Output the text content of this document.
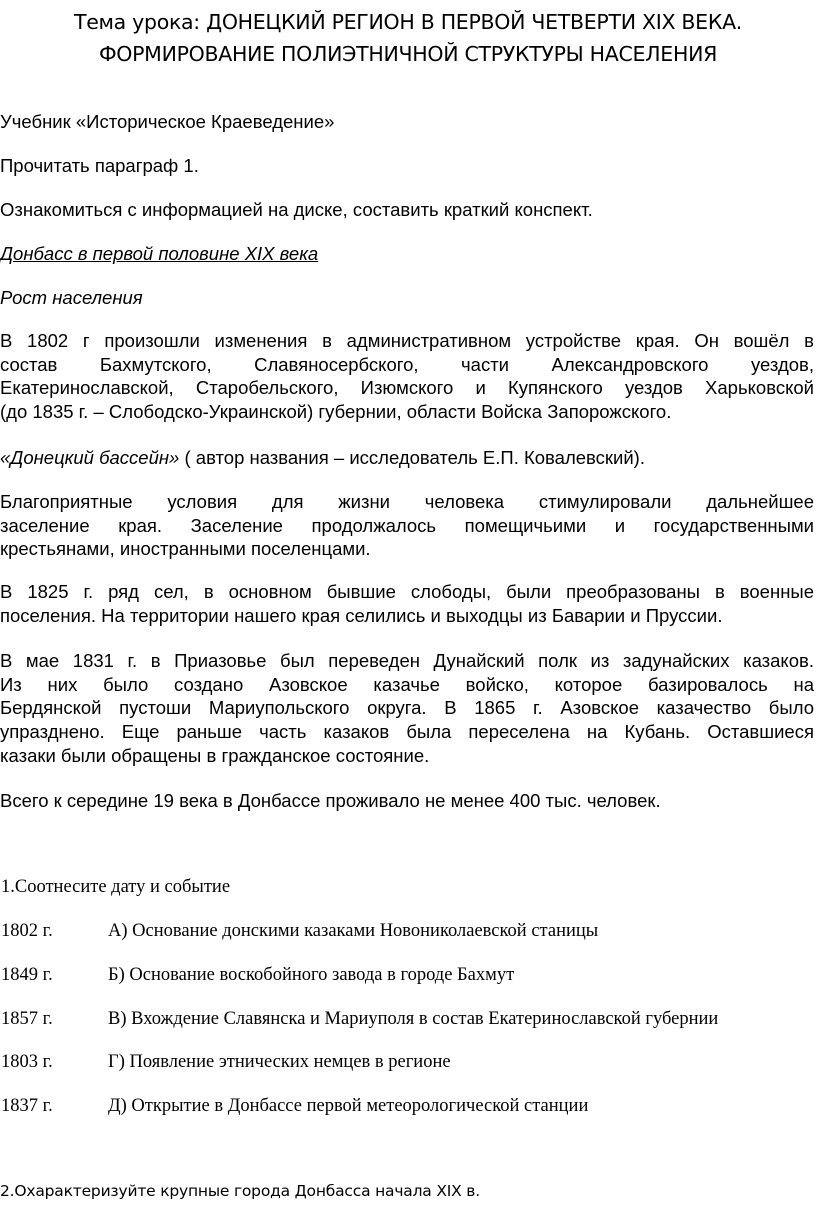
Тема урока: ДОНЕЦКИЙ РЕГИОН В ПЕРВОЙ ЧЕТВЕРТИ XIX ВЕКА.
ФОРМИРОВАНИЕ ПОЛИЭТНИЧНОЙ СТРУКТУРЫ НАСЕЛЕНИЯ
Учебник «Историческое Краеведение»
Прочитать параграф 1.
Ознакомиться с информацией на диске, составить краткий конспект.
Донбасс в первой половине XIX века
Рост населения
В 1802 г произошли изменения в административном устройстве края. Он вошёл в
состав Бахмутского, Славяносербского, части Александровского уездов,
Екатеринославской, Старобельского, Изюмского и Купянского уездов Харьковской
(до 1835 г. – Слободско-Украинской) губернии, области Войска Запорожского.
«Донецкий бассейн» ( автор названия – исследователь Е.П. Ковалевский).
Благоприятные условия для жизни человека стимулировали дальнейшее
заселение края. Заселение продолжалось помещичьими и государственными
крестьянами, иностранными поселенцами.
В 1825 г. ряд сел, в основном бывшие слободы, были преобразованы в военные
поселения. На территории нашего края селились и выходцы из Баварии и Пруссии.
В мае 1831 г. в Приазовье был переведен Дунайский полк из задунайских казаков.
Из них было создано Азовское казачье войско, которое базировалось на
Бердянской пустоши Мариупольского округа. В 1865 г. Азовское казачество было
упразднено. Еще раньше часть казаков была переселена на Кубань. Оставшиеся
казаки были обращены в гражданское состояние.
Всего к середине 19 века в Донбассе проживало не менее 400 тыс. человек.
1.Соотнесите дату и событие
1802 г.	А) Основание донскими казаками Новониколаевской станицы
1849 г.	Б) Основание воскобойного завода в городе Бахмут
1857 г.	В) Вхождение Славянска и Мариуполя в состав Екатеринославской губернии
1803 г.	Г) Появление этнических немцев в регионе
1837 г.	Д) Открытие в Донбассе первой метеорологической станции
2.Охарактеризуйте крупные города Донбасса начала XIX в.
